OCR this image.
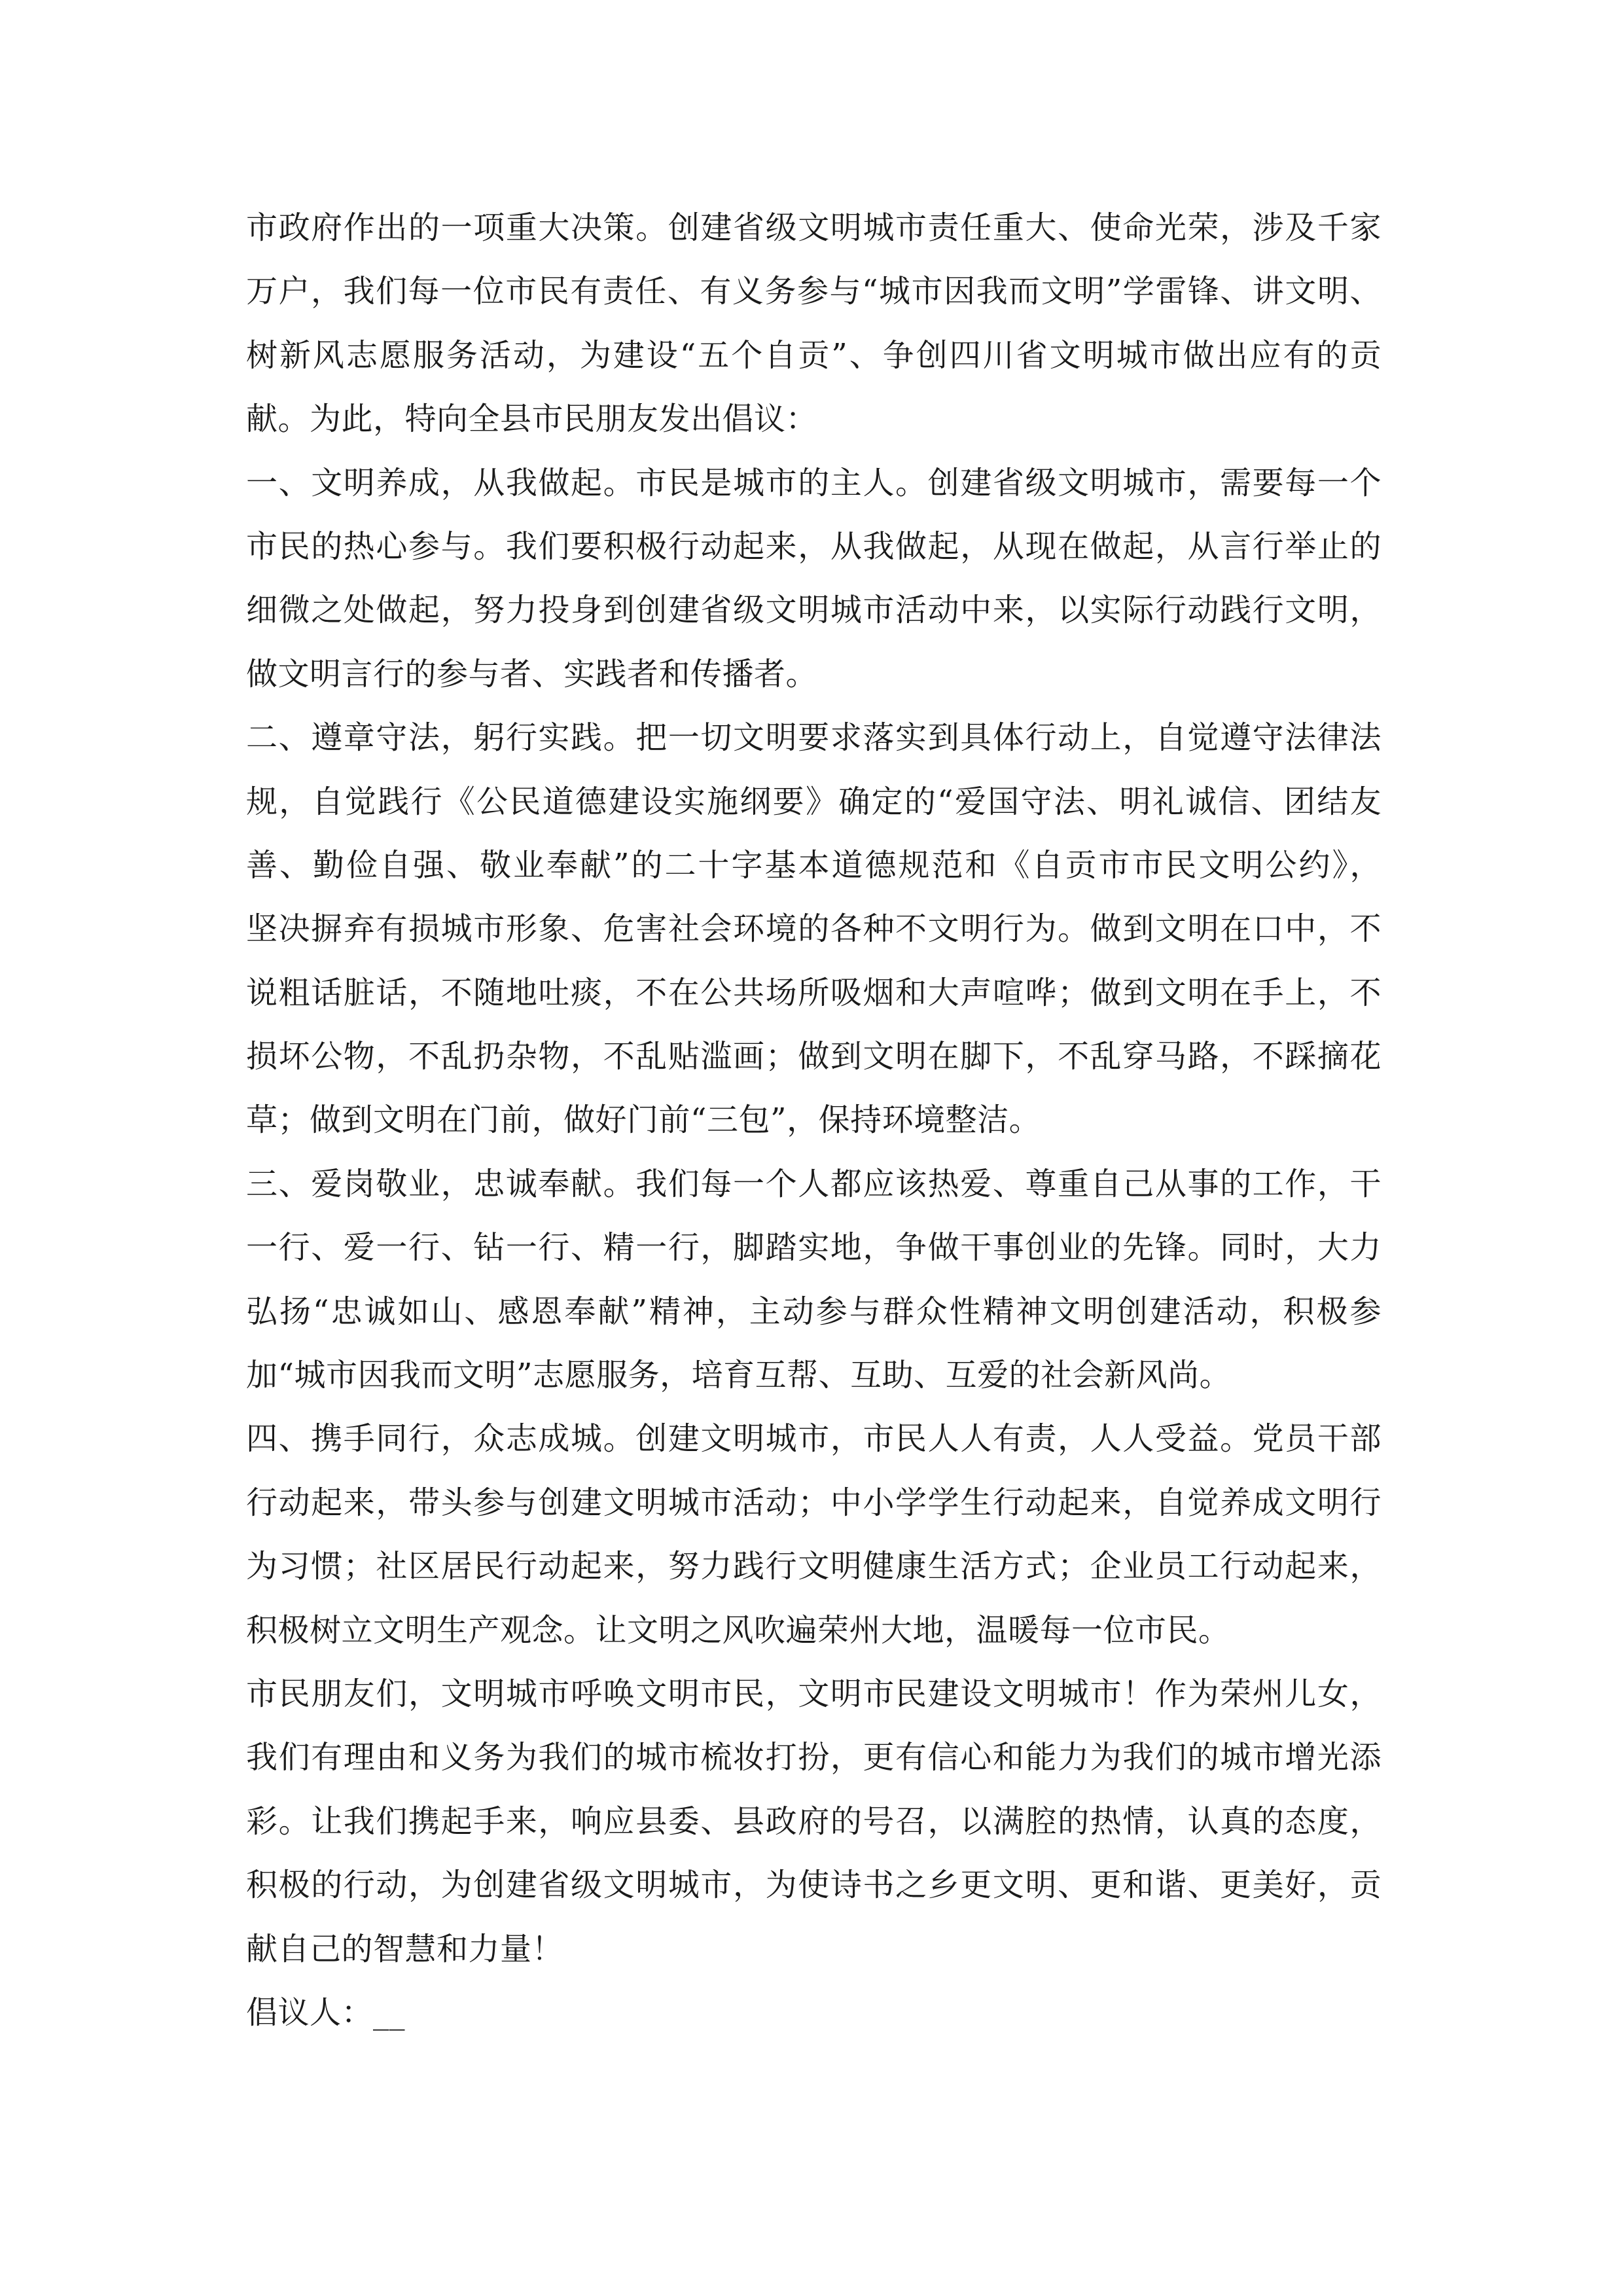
市政府作出的一项重大决策。创建省级文明城市责任重大、使命光荣，涉及千家
万户，我们每一位市民有责任、有义务参与“城市因我而文明”学雷锋、讲文明、
树新风志愿服务活动，为建设“五个自贡”、争创四川省文明城市做出应有的贡
献。为此，特向全县市民朋友发出倡议：
一、文明养成，从我做起。市民是城市的主人。创建省级文明城市，需要每一个
市民的热心参与。我们要积极行动起来，从我做起，从现在做起，从言行举止的
细微之处做起，努力投身到创建省级文明城市活动中来，以实际行动践行文明，
做文明言行的参与者、实践者和传播者。
二、遵章守法，躬行实践。把一切文明要求落实到具体行动上，自觉遵守法律法
规，自觉践行《公民道德建设实施纲要》确定的“爱国守法、明礼诚信、团结友
善、勤俭自强、敬业奉献”的二十字基本道德规范和《自贡市市民文明公约》，
坚决摒弃有损城市形象、危害社会环境的各种不文明行为。做到文明在口中，不
说粗话脏话，不随地吐痰，不在公共场所吸烟和大声喧哗；做到文明在手上，不
损坏公物，不乱扔杂物，不乱贴滥画；做到文明在脚下，不乱穿马路，不踩摘花
草；做到文明在门前，做好门前“三包”，保持环境整洁。
三、爱岗敬业，忠诚奉献。我们每一个人都应该热爱、尊重自己从事的工作，干
一行、爱一行、钻一行、精一行，脚踏实地，争做干事创业的先锋。同时，大力
弘扬“忠诚如山、感恩奉献”精神，主动参与群众性精神文明创建活动，积极参
加“城市因我而文明”志愿服务，培育互帮、互助、互爱的社会新风尚。
四、携手同行，众志成城。创建文明城市，市民人人有责，人人受益。党员干部
行动起来，带头参与创建文明城市活动；中小学学生行动起来，自觉养成文明行
为习惯；社区居民行动起来，努力践行文明健康生活方式；企业员工行动起来，
积极树立文明生产观念。让文明之风吹遍荣州大地，温暖每一位市民。
市民朋友们，文明城市呼唤文明市民，文明市民建设文明城市！作为荣州儿女，
我们有理由和义务为我们的城市梳妆打扮，更有信心和能力为我们的城市增光添
彩。让我们携起手来，响应县委、县政府的号召，以满腔的热情，认真的态度，
积极的行动，为创建省级文明城市，为使诗书之乡更文明、更和谐、更美好，贡
献自己的智慧和力量！
倡议人：__
